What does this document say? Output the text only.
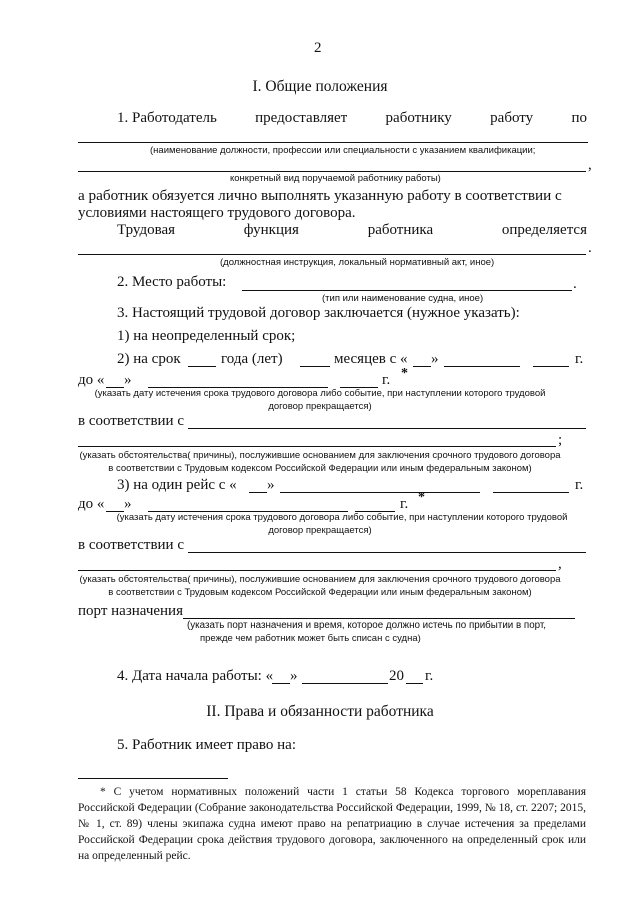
2
I. Общие положения
1. Работодатель	предоставляет	работнику	работу	по
(наименование должности, профессии или специальности с указанием квалификации;
,
конкретный вид поручаемой работнику работы)
а работник обязуется лично выполнять указанную работу в соответствии с
условиями настоящего трудового договора.
Трудовая	функция	работника	определяется
.
(должностная инструкция, локальный нормативный акт, иное)
2. Место работы:	.
(тип или наименование судна, иное)
3. Настоящий трудовой договор заключается (нужное указать):
1) на неопределенный срок;
2) на срок	года (лет)	месяцев с « »	г.
до « »	г. *
(указать дату истечения срока трудового договора либо событие, при наступлении которого трудовой
договор прекращается)
в соответствии с
;
(указать обстоятельства( причины), послужившие основанием для заключения срочного трудового договора
в соответствии с Трудовым кодексом Российской Федерации или иным федеральным законом)
3) на один рейс с « »	г.
до « »	г. *
(указать дату истечения срока трудового договора либо событие, при наступлении которого трудовой
договор прекращается)
в соответствии с
,
(указать обстоятельства( причины), послужившие основанием для заключения срочного трудового договора
в соответствии с Трудовым кодексом Российской Федерации или иным федеральным законом)
порт назначения
(указать порт назначения и время, которое должно истечь по прибытии в порт,
прежде чем работник может быть списан с судна)
4. Дата начала работы: « »	20 г.
II. Права и обязанности работника
5. Работник имеет право на:
* С учетом нормативных положений части 1 статьи 58 Кодекса торгового мореплавания Российской Федерации (Собрание законодательства Российской Федерации, 1999, № 18, ст. 2207; 2015, № 1, ст. 89) члены экипажа судна имеют право на репатриацию в случае истечения за пределами Российской Федерации срока действия трудового договора, заключенного на определенный срок или на определенный рейс.
